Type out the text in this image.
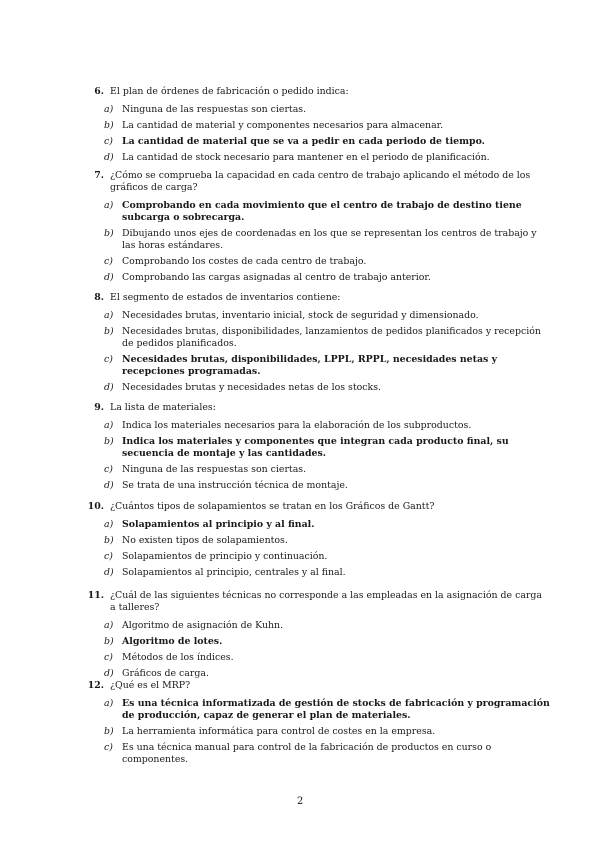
6. El plan de órdenes de fabricación o pedido indica:
a) Ninguna de las respuestas son ciertas.
b) La cantidad de material y componentes necesarios para almacenar.
c) La cantidad de material que se va a pedir en cada periodo de tiempo.
d) La cantidad de stock necesario para mantener en el periodo de planificación.
7. ¿Cómo se comprueba la capacidad en cada centro de trabajo aplicando el método de los gráficos de carga?
a) Comprobando en cada movimiento que el centro de trabajo de destino tiene subcarga o sobrecarga.
b) Dibujando unos ejes de coordenadas en los que se representan los centros de trabajo y las horas estándares.
c) Comprobando los costes de cada centro de trabajo.
d) Comprobando las cargas asignadas al centro de trabajo anterior.
8. El segmento de estados de inventarios contiene:
a) Necesidades brutas, inventario inicial, stock de seguridad y dimensionado.
b) Necesidades brutas, disponibilidades, lanzamientos de pedidos planificados y recepción de pedidos planificados.
c) Necesidades brutas, disponibilidades, LPPL, RPPL, necesidades netas y recepciones programadas.
d) Necesidades brutas y necesidades netas de los stocks.
9. La lista de materiales:
a) Indica los materiales necesarios para la elaboración de los subproductos.
b) Indica los materiales y componentes que integran cada producto final, su secuencia de montaje y las cantidades.
c) Ninguna de las respuestas son ciertas.
d) Se trata de una instrucción técnica de montaje.
10. ¿Cuántos tipos de solapamientos se tratan en los Gráficos de Gantt?
a) Solapamientos al principio y al final.
b) No existen tipos de solapamientos.
c) Solapamientos de principio y continuación.
d) Solapamientos al principio, centrales y al final.
11. ¿Cuál de las siguientes técnicas no corresponde a las empleadas en la asignación de carga a talleres?
a) Algoritmo de asignación de Kuhn.
b) Algoritmo de lotes.
c) Métodos de los índices.
d) Gráficos de carga.
12. ¿Qué es el MRP?
a) Es una técnica informatizada de gestión de stocks de fabricación y programación de producción, capaz de generar el plan de materiales.
b) La herramienta informática para control de costes en la empresa.
c) Es una técnica manual para control de la fabricación de productos en curso o componentes.
2
